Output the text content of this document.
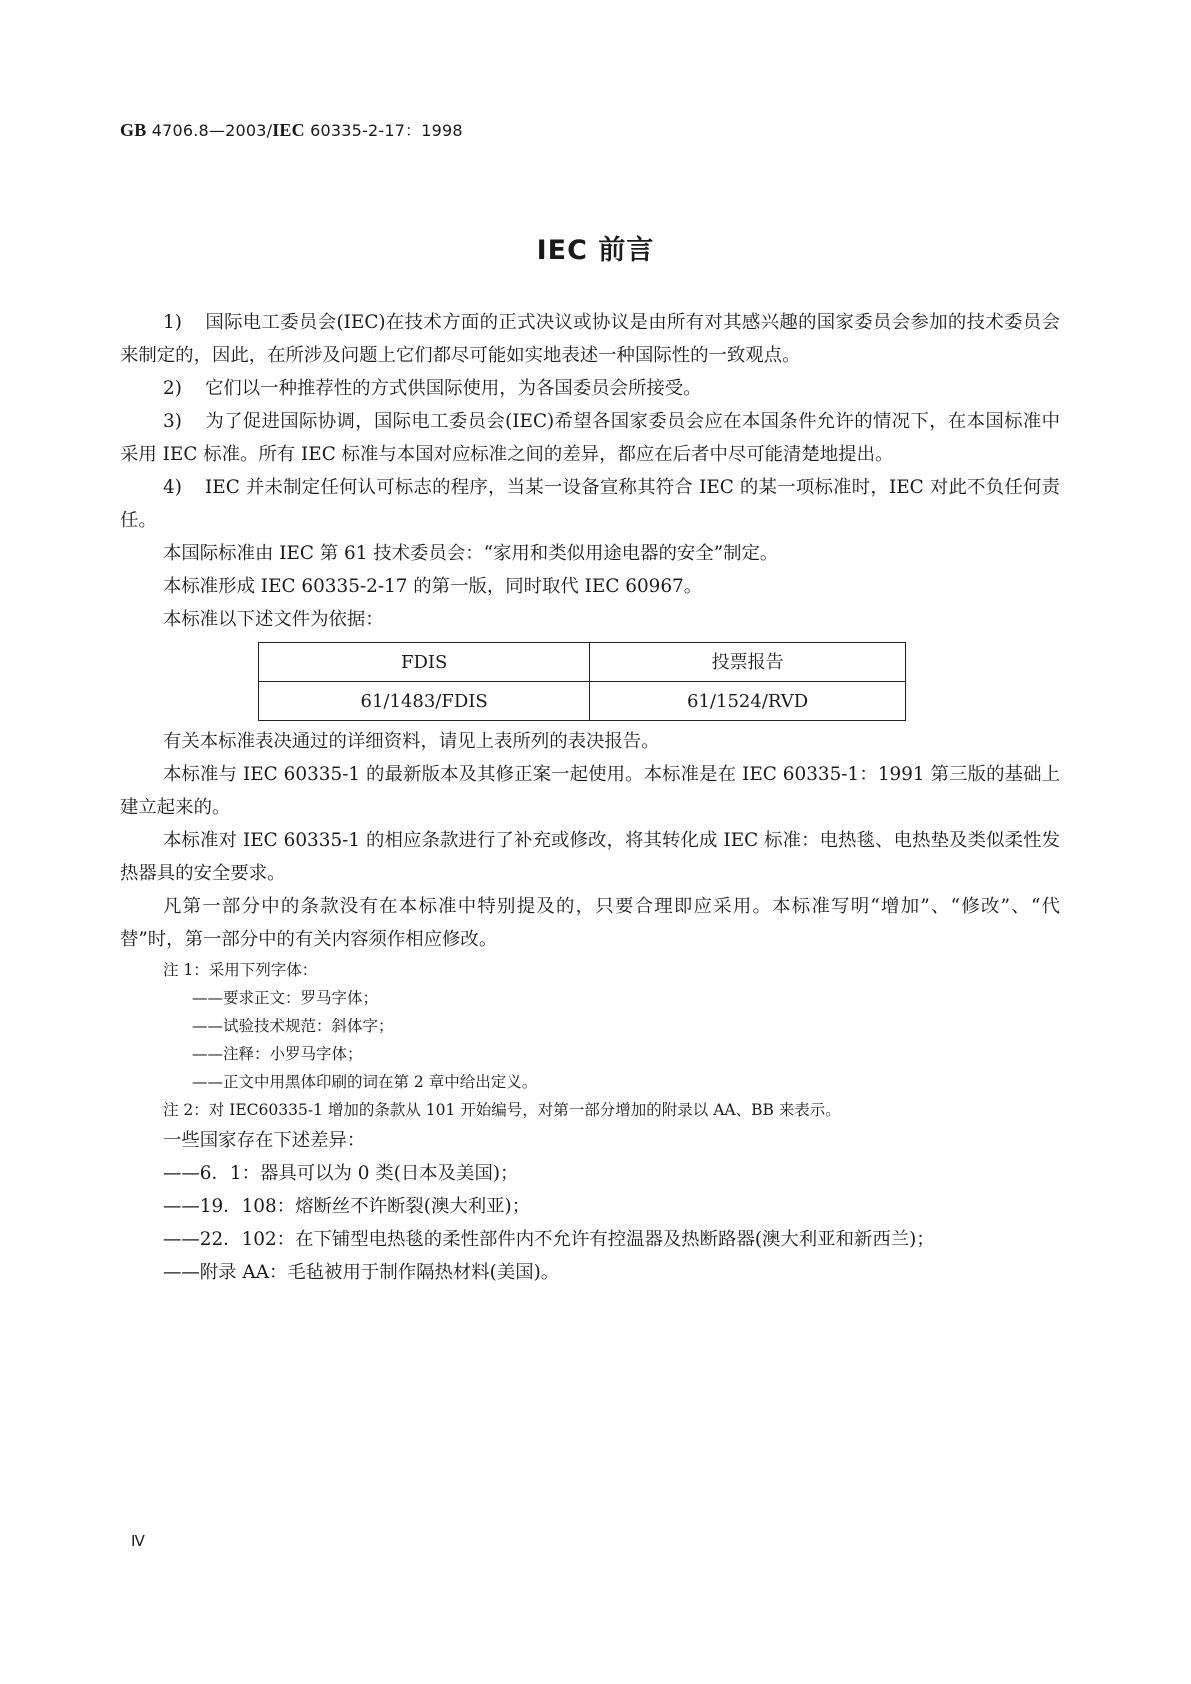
GB 4706.8—2003/IEC 60335-2-17：1998
IEC 前言

1) 国际电工委员会(IEC)在技术方面的正式决议或协议是由所有对其感兴趣的国家委员会参加的技术委员会来制定的，因此，在所涉及问题上它们都尽可能如实地表述一种国际性的一致观点。

2) 它们以一种推荐性的方式供国际使用，为各国委员会所接受。

3) 为了促进国际协调，国际电工委员会(IEC)希望各国家委员会应在本国条件允许的情况下，在本国标准中采用 IEC 标准。所有 IEC 标准与本国对应标准之间的差异，都应在后者中尽可能清楚地提出。

4) IEC 并未制定任何认可标志的程序，当某一设备宣称其符合 IEC 的某一项标准时，IEC 对此不负任何责任。

本国际标准由 IEC 第 61 技术委员会：“家用和类似用途电器的安全”制定。

本标准形成 IEC 60335-2-17 的第一版，同时取代 IEC 60967。

本标准以下述文件为依据：

FDIS	投票报告
61/1483/FDIS	61/1524/RVD

有关本标准表决通过的详细资料，请见上表所列的表决报告。

本标准与 IEC 60335-1 的最新版本及其修正案一起使用。本标准是在 IEC 60335-1：1991 第三版的基础上建立起来的。

本标准对 IEC 60335-1 的相应条款进行了补充或修改，将其转化成 IEC 标准：电热毯、电热垫及类似柔性发热器具的安全要求。

凡第一部分中的条款没有在本标准中特别提及的，只要合理即应采用。本标准写明“增加”、“修改”、“代替”时，第一部分中的有关内容须作相应修改。

注 1：采用下列字体：

——要求正文：罗马字体；

——试验技术规范：斜体字；

——注释：小罗马字体；

——正文中用黑体印刷的词在第 2 章中给出定义。

注 2：对 IEC60335-1 增加的条款从 101 开始编号，对第一部分增加的附录以 AA、BB 来表示。

一些国家存在下述差异：

——6．1：器具可以为 0 类(日本及美国)；

——19．108：熔断丝不许断裂(澳大利亚)；

——22．102：在下铺型电热毯的柔性部件内不允许有控温器及热断路器(澳大利亚和新西兰)；

——附录 AA：毛毡被用于制作隔热材料(美国)。

Ⅳ
